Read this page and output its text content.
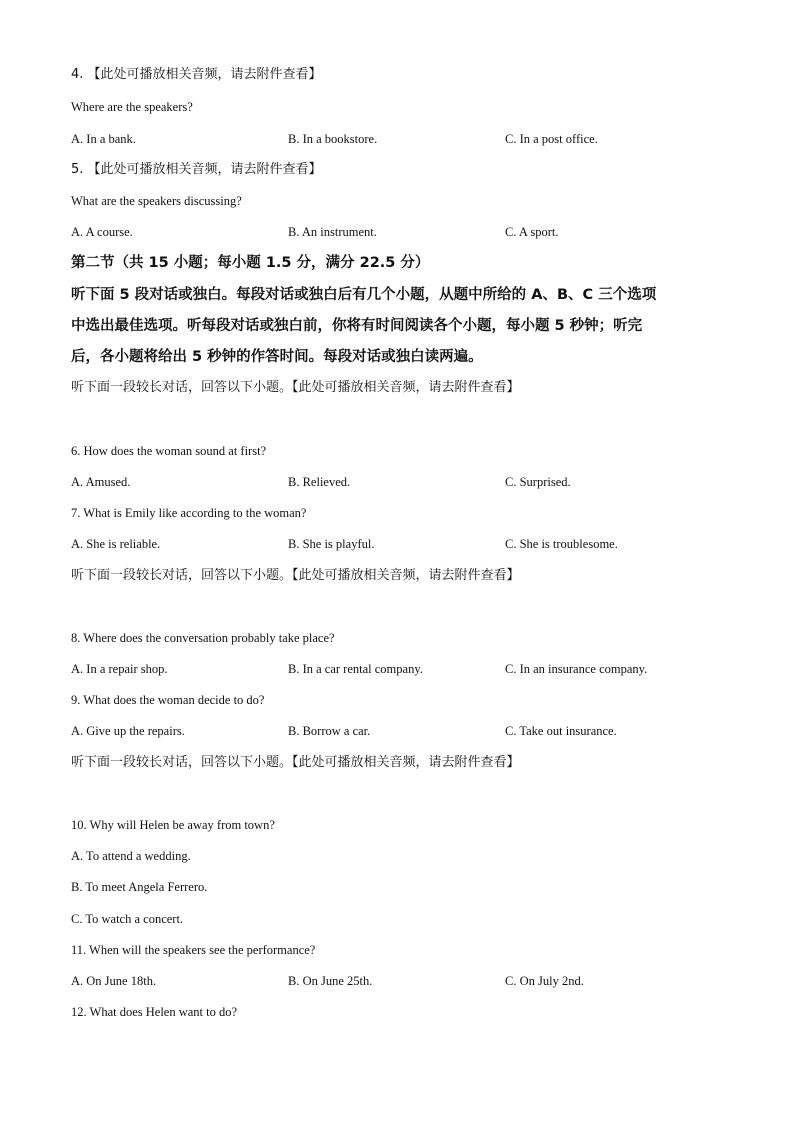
4. 【此处可播放相关音频，请去附件查看】
Where are the speakers?
A. In a bank.	B. In a bookstore.	C. In a post office.
5. 【此处可播放相关音频，请去附件查看】
What are the speakers discussing?
A. A course.	B. An instrument.	C. A sport.
第二节（共 15 小题；每小题 1.5 分，满分 22.5 分）
听下面 5 段对话或独白。每段对话或独白后有几个小题，从题中所给的 A、B、C 三个选项
中选出最佳选项。听每段对话或独白前，你将有时间阅读各个小题，每小题 5 秒钟；听完
后，各小题将给出 5 秒钟的作答时间。每段对话或独白读两遍。
听下面一段较长对话，回答以下小题。【此处可播放相关音频，请去附件查看】
6. How does the woman sound at first?
A. Amused.	B. Relieved.	C. Surprised.
7. What is Emily like according to the woman?
A. She is reliable.	B. She is playful.	C. She is troublesome.
听下面一段较长对话，回答以下小题。【此处可播放相关音频，请去附件查看】
8. Where does the conversation probably take place?
A. In a repair shop.	B. In a car rental company.	C. In an insurance company.
9. What does the woman decide to do?
A. Give up the repairs.	B. Borrow a car.	C. Take out insurance.
听下面一段较长对话，回答以下小题。【此处可播放相关音频，请去附件查看】
10. Why will Helen be away from town?
A. To attend a wedding.
B. To meet Angela Ferrero.
C. To watch a concert.
11. When will the speakers see the performance?
A. On June 18th.	B. On June 25th.	C. On July 2nd.
12. What does Helen want to do?
